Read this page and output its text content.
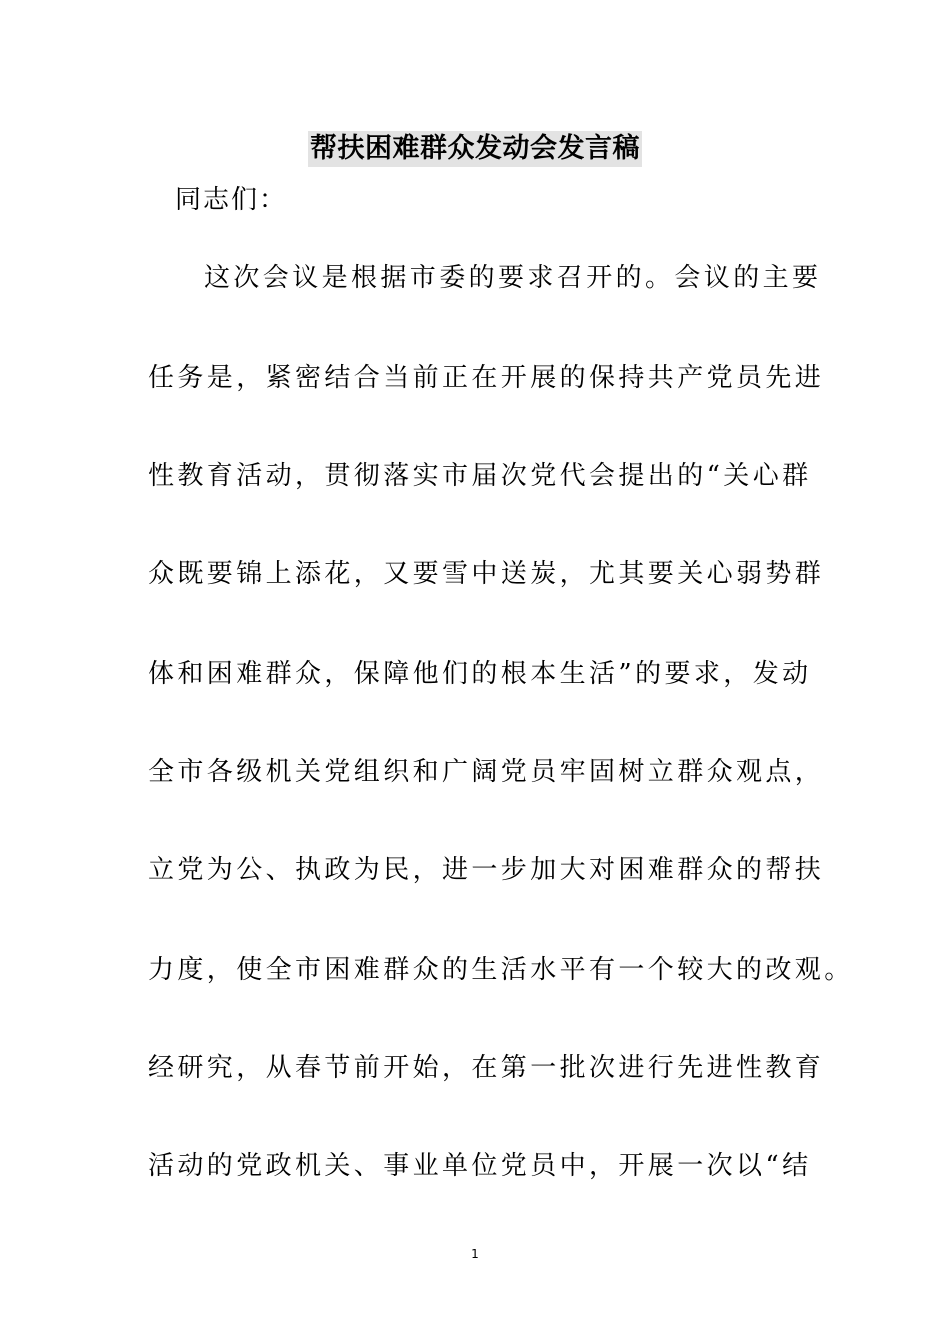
帮扶困难群众发动会发言稿
同志们：
这次会议是根据市委的要求召开的。会议的主要
任务是，紧密结合当前正在开展的保持共产党员先进
性教育活动，贯彻落实市届次党代会提出的“关心群
众既要锦上添花，又要雪中送炭，尤其要关心弱势群
体和困难群众，保障他们的根本生活”的要求，发动
全市各级机关党组织和广阔党员牢固树立群众观点，
立党为公、执政为民，进一步加大对困难群众的帮扶
力度，使全市困难群众的生活水平有一个较大的改观。
经研究，从春节前开始，在第一批次进行先进性教育
活动的党政机关、事业单位党员中，开展一次以“结
1
